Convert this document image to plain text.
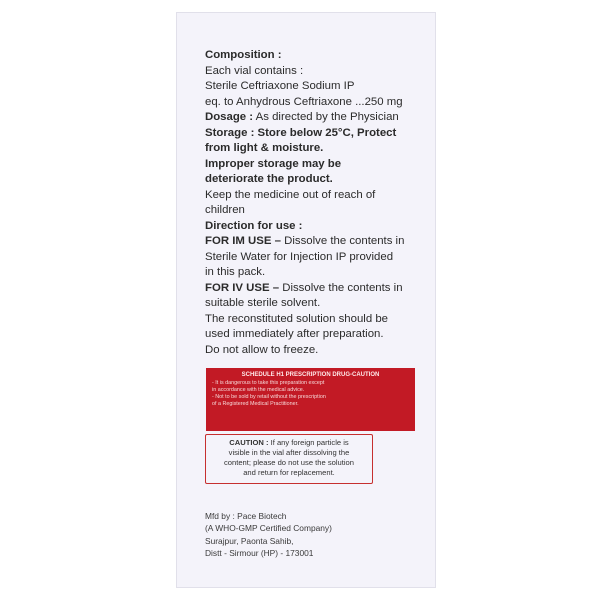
Composition :
Each vial contains :
Sterile Ceftriaxone Sodium IP
eq. to Anhydrous Ceftriaxone ...250 mg
Dosage : As directed by the Physician
Storage : Store below 25°C, Protect
from light & moisture.
Improper storage may be
deteriorate the product.
Keep the medicine out of reach of
children
Direction for use :
FOR IM USE – Dissolve the contents in
Sterile Water for Injection IP provided
in this pack.
FOR IV USE – Dissolve the contents in
suitable sterile solvent.
The reconstituted solution should be
used immediately after preparation.
Do not allow to freeze.
SCHEDULE H1 PRESCRIPTION DRUG-CAUTION
- It is dangerous to take this preparation except
in accordance with the medical advice.
- Not to be sold by retail without the prescription
of a Registered Medical Practitioner.
CAUTION : If any foreign particle is
visible in the vial after dissolving the
content; please do not use the solution
and return for replacement.
Mfd by : Pace Biotech
(A WHO-GMP Certified Company)
Surajpur, Paonta Sahib,
Distt - Sirmour (HP) - 173001
